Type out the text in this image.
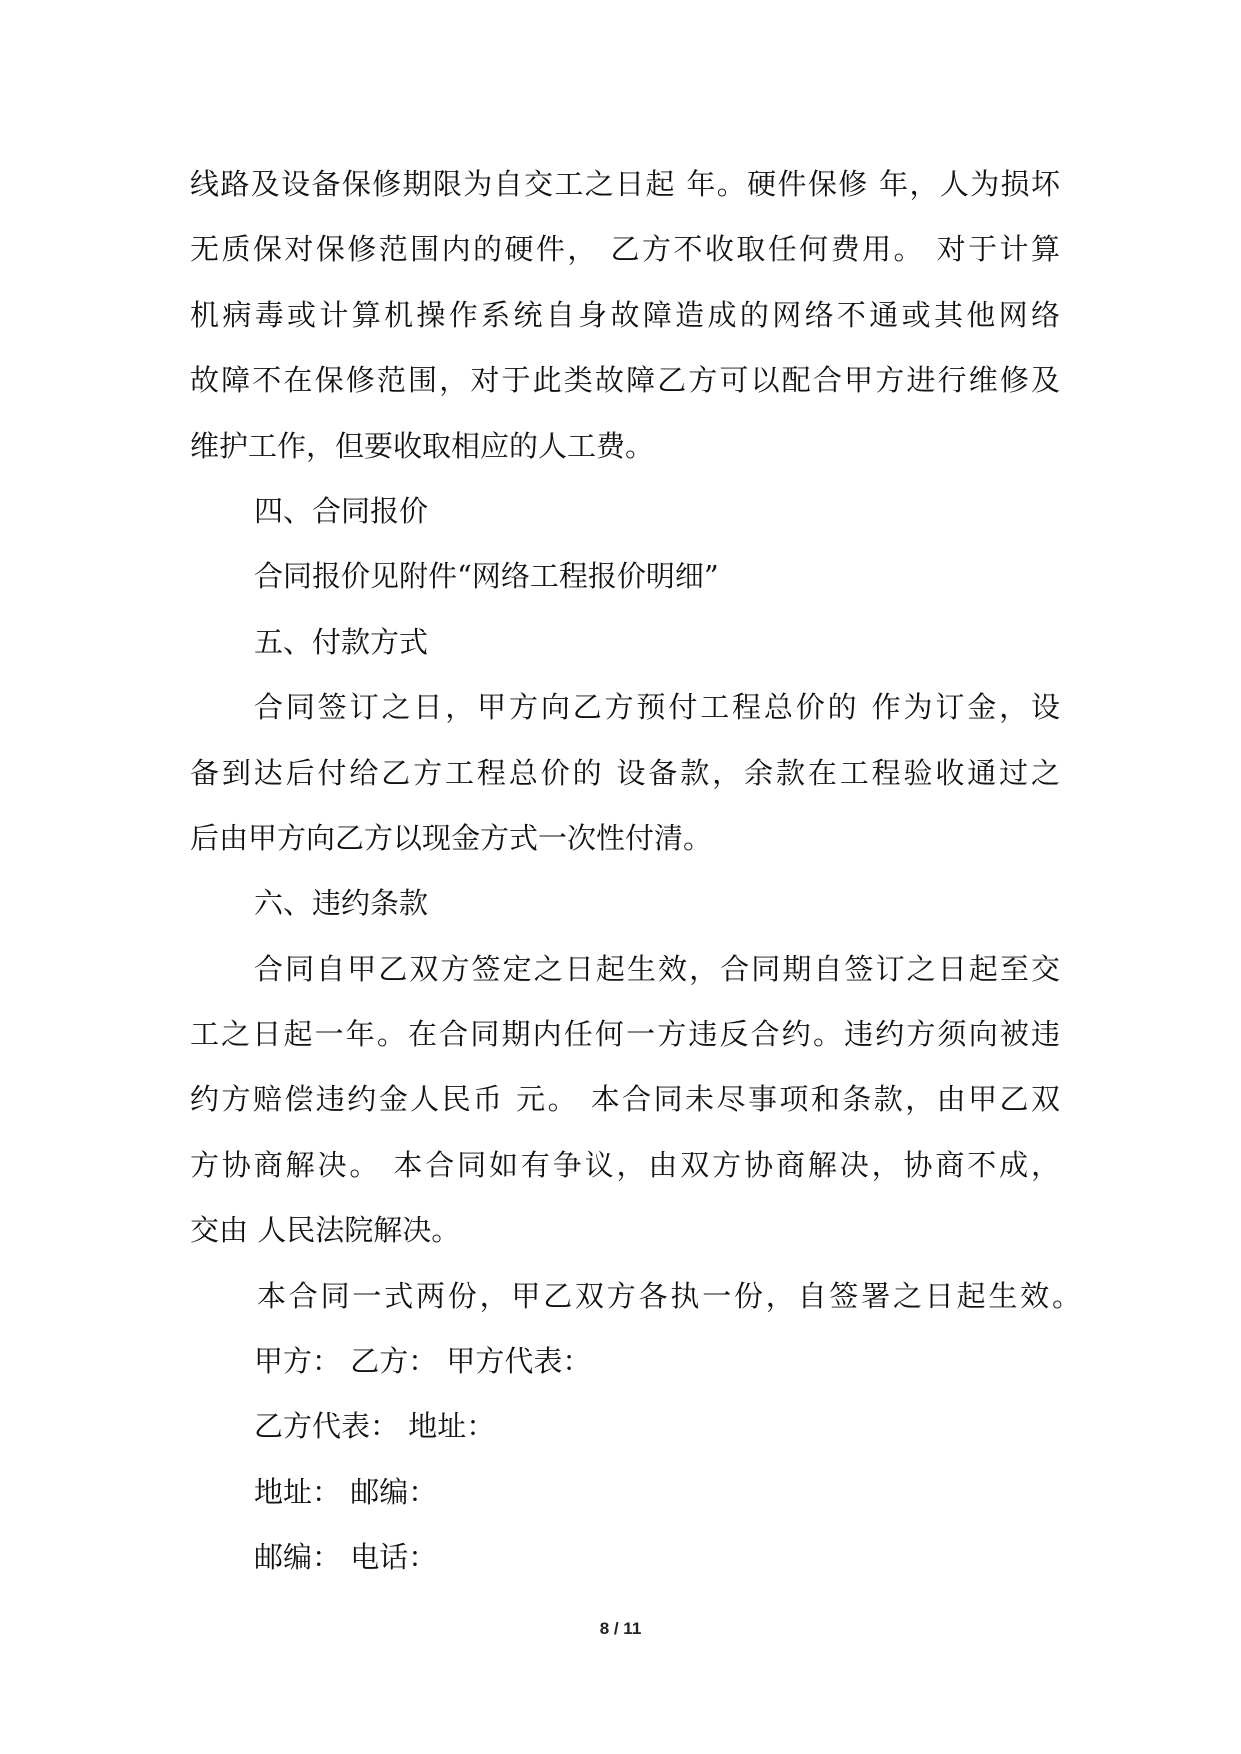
线路及设备保修期限为自交工之日起 年。硬件保修 年，人为损坏
无质保对保修范围内的硬件， 乙方不收取任何费用。 对于计算
机病毒或计算机操作系统自身故障造成的网络不通或其他网络
故障不在保修范围，对于此类故障乙方可以配合甲方进行维修及
维护工作，但要收取相应的人工费。
四、合同报价
合同报价见附件“网络工程报价明细”
五、付款方式
合同签订之日，甲方向乙方预付工程总价的 作为订金，设
备到达后付给乙方工程总价的 设备款，余款在工程验收通过之
后由甲方向乙方以现金方式一次性付清。
六、违约条款
合同自甲乙双方签定之日起生效，合同期自签订之日起至交
工之日起一年。在合同期内任何一方违反合约。违约方须向被违
约方赔偿违约金人民币 元。 本合同未尽事项和条款，由甲乙双
方协商解决。 本合同如有争议，由双方协商解决，协商不成，
交由 人民法院解决。
本合同一式两份，甲乙双方各执一份，自签署之日起生效。
甲方： 乙方： 甲方代表：
乙方代表： 地址：
地址： 邮编：
邮编： 电话：
8 / 11
